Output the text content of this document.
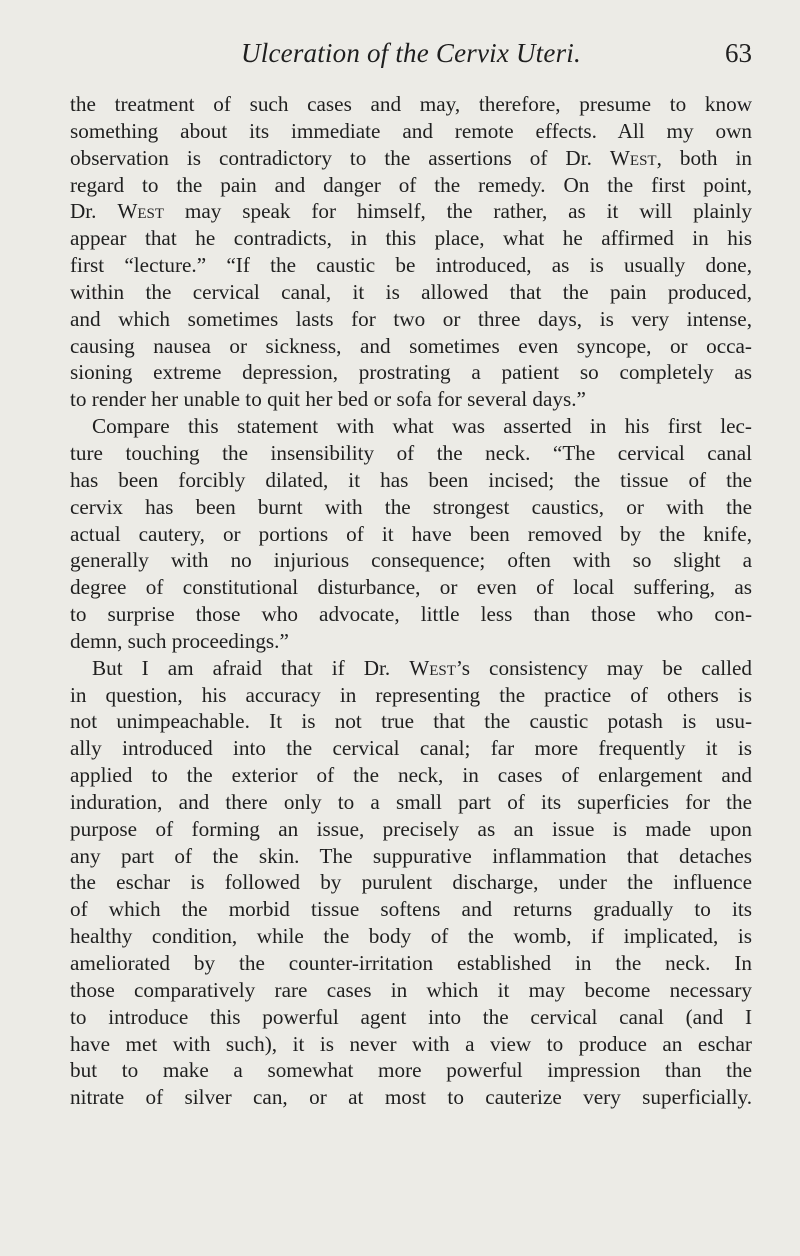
Ulceration of the Cervix Uteri.	63
the treatment of such cases and may, therefore, presume to know
something about its immediate and remote effects. All my own
observation is contradictory to the assertions of Dr. West, both in
regard to the pain and danger of the remedy. On the first point,
Dr. West may speak for himself, the rather, as it will plainly
appear that he contradicts, in this place, what he affirmed in his
first “lecture.” “If the caustic be introduced, as is usually done,
within the cervical canal, it is allowed that the pain produced,
and which sometimes lasts for two or three days, is very intense,
causing nausea or sickness, and sometimes even syncope, or occa-
sioning extreme depression, prostrating a patient so completely as
to render her unable to quit her bed or sofa for several days.”
Compare this statement with what was asserted in his first lec-
ture touching the insensibility of the neck. “The cervical canal
has been forcibly dilated, it has been incised; the tissue of the
cervix has been burnt with the strongest caustics, or with the
actual cautery, or portions of it have been removed by the knife,
generally with no injurious consequence; often with so slight a
degree of constitutional disturbance, or even of local suffering, as
to surprise those who advocate, little less than those who con-
demn, such proceedings.”
But I am afraid that if Dr. West’s consistency may be called
in question, his accuracy in representing the practice of others is
not unimpeachable. It is not true that the caustic potash is usu-
ally introduced into the cervical canal; far more frequently it is
applied to the exterior of the neck, in cases of enlargement and
induration, and there only to a small part of its superficies for the
purpose of forming an issue, precisely as an issue is made upon
any part of the skin. The suppurative inflammation that detaches
the eschar is followed by purulent discharge, under the influence
of which the morbid tissue softens and returns gradually to its
healthy condition, while the body of the womb, if implicated, is
ameliorated by the counter-irritation established in the neck. In
those comparatively rare cases in which it may become necessary
to introduce this powerful agent into the cervical canal (and I
have met with such), it is never with a view to produce an eschar
but to make a somewhat more powerful impression than the
nitrate of silver can, or at most to cauterize very superficially.
